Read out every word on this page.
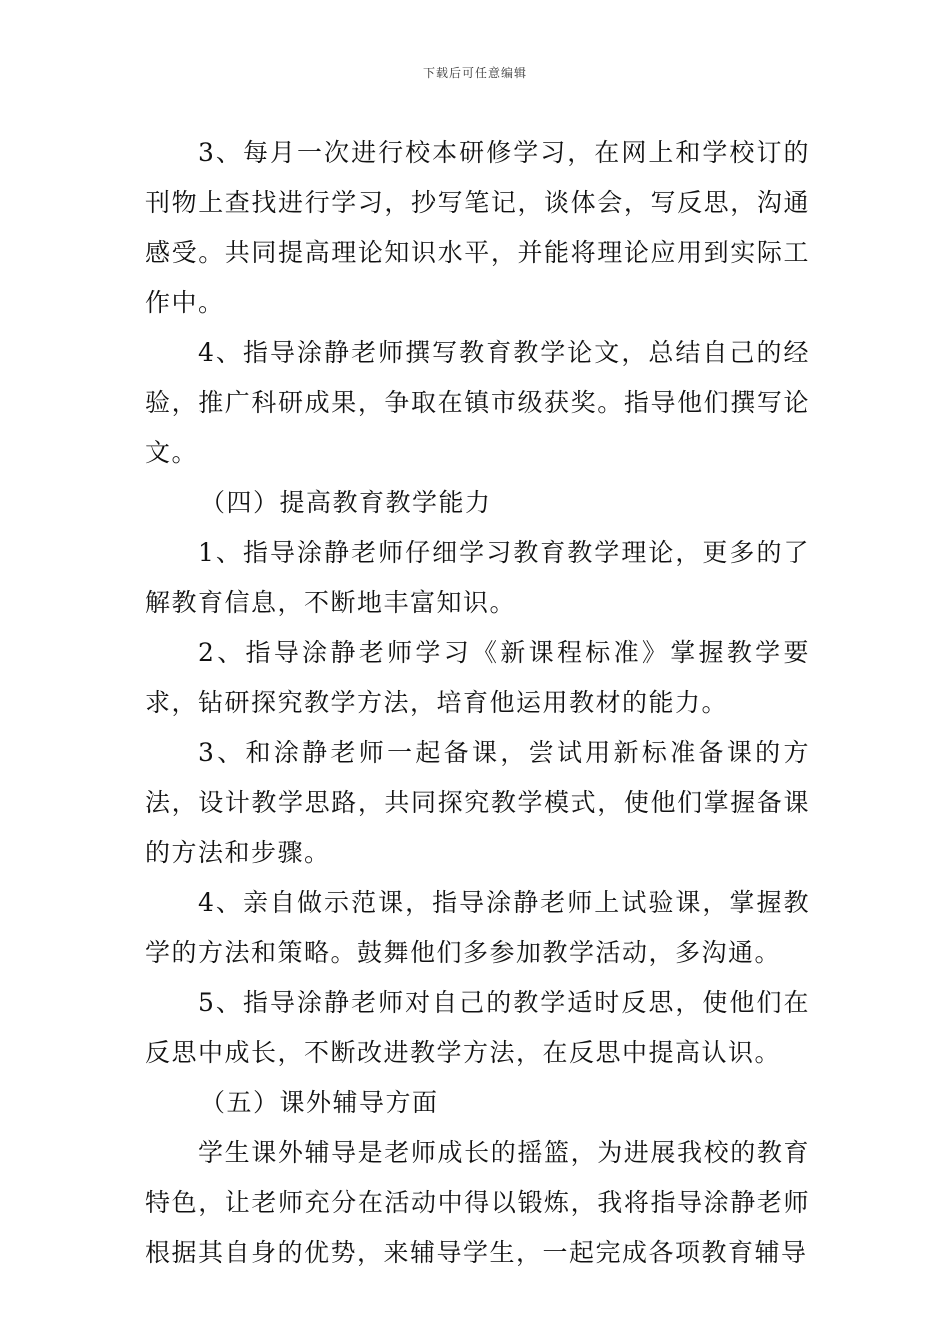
下载后可任意编辑

3、每月一次进行校本研修学习，在网上和学校订的刊物上查找进行学习，抄写笔记，谈体会，写反思，沟通感受。共同提高理论知识水平，并能将理论应用到实际工作中。

4、指导涂静老师撰写教育教学论文，总结自己的经验，推广科研成果，争取在镇市级获奖。指导他们撰写论文。

（四）提高教育教学能力

1、指导涂静老师仔细学习教育教学理论，更多的了解教育信息，不断地丰富知识。

2、指导涂静老师学习《新课程标准》掌握教学要求，钻研探究教学方法，培育他运用教材的能力。

3、和涂静老师一起备课，尝试用新标准备课的方法，设计教学思路，共同探究教学模式，使他们掌握备课的方法和步骤。

4、亲自做示范课，指导涂静老师上试验课，掌握教学的方法和策略。鼓舞他们多参加教学活动，多沟通。

5、指导涂静老师对自己的教学适时反思，使他们在反思中成长，不断改进教学方法，在反思中提高认识。

（五）课外辅导方面

学生课外辅导是老师成长的摇篮，为进展我校的教育特色，让老师充分在活动中得以锻炼，我将指导涂静老师根据其自身的优势，来辅导学生，一起完成各项教育辅导
